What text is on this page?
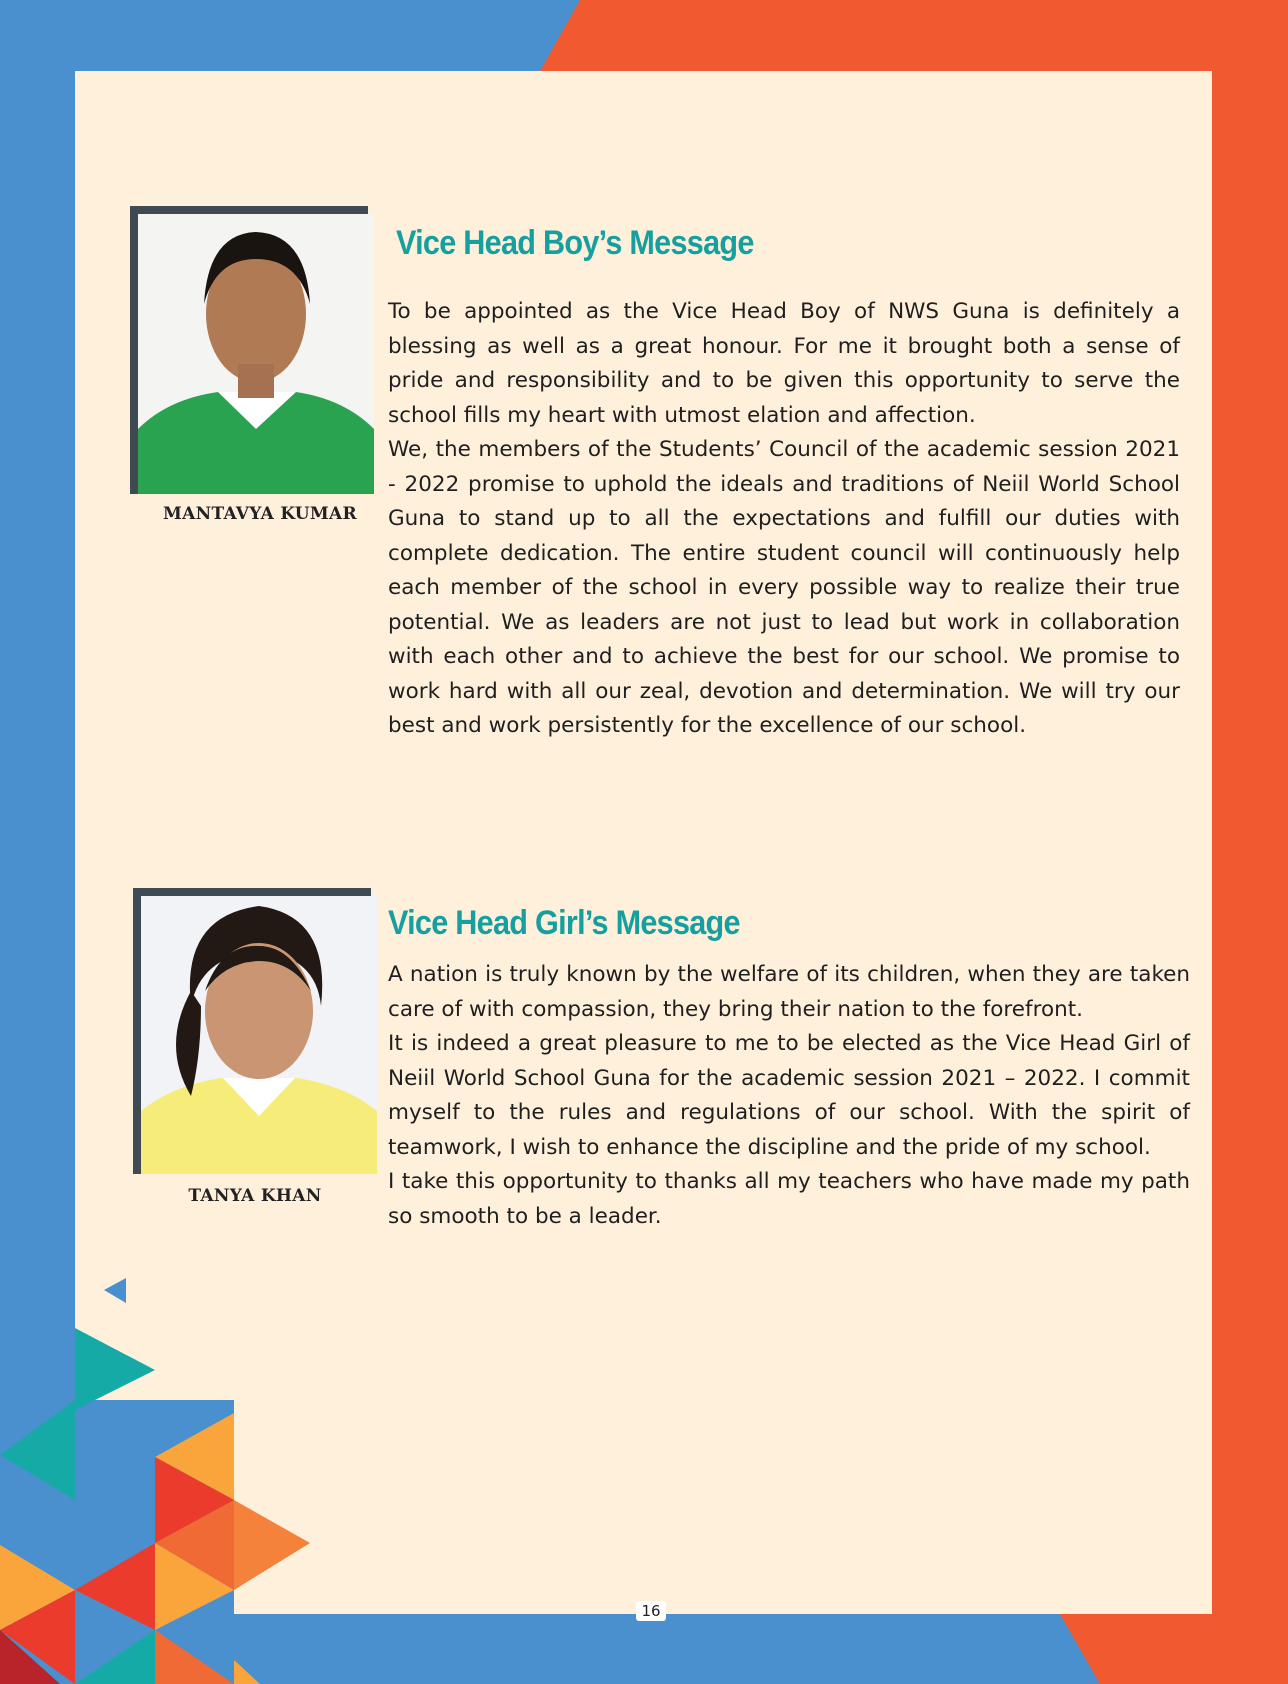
MANTAVYA KUMAR
Vice Head Boy’s Message

To be appointed as the Vice Head Boy of NWS Guna is definitely a blessing as well as a great honour. For me it brought both a sense of pride and responsibility and to be given this opportunity to serve the school fills my heart with utmost elation and affection.

We, the members of the Students’ Council of the academic session 2021 - 2022 promise to uphold the ideals and traditions of Neiil World School Guna to stand up to all the expectations and fulfill our duties with complete dedication. The entire student council will continuously help each member of the school in every possible way to realize their true potential. We as leaders are not just to lead but work in collaboration with each other and to achieve the best for our school. We promise to work hard with all our zeal, devotion and determination. We will try our best and work persistently for the excellence of our school.

TANYA KHAN
Vice Head Girl’s Message

A nation is truly known by the welfare of its children, when they are taken care of with compassion, they bring their nation to the forefront.

It is indeed a great pleasure to me to be elected as the Vice Head Girl of Neiil World School Guna for the academic session 2021 – 2022. I commit myself to the rules and regulations of our school. With the spirit of teamwork, I wish to enhance the discipline and the pride of my school.

I take this opportunity to thanks all my teachers who have made my path so smooth to be a leader.

16
